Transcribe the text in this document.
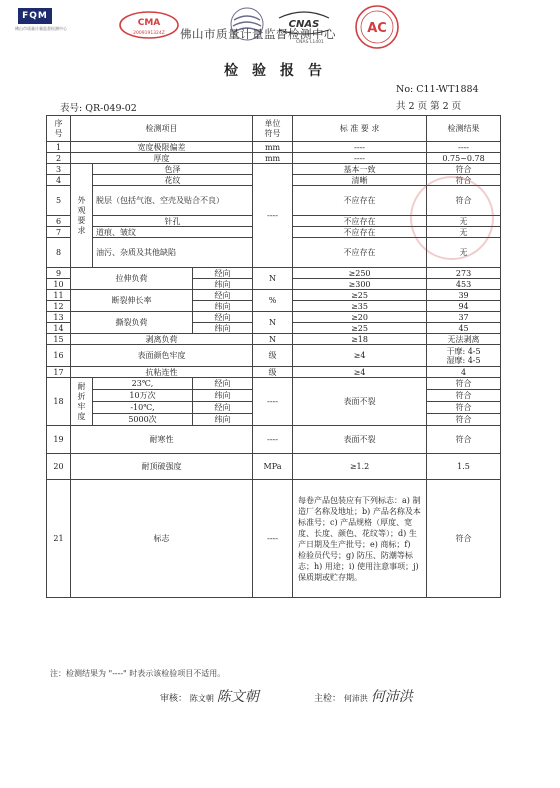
FQM
佛山市质量计量监督检测中心
CMA
2009191324Z
CNAS	AC
佛山市质量计量监督检测中心
CNAS L1401
检验报告
No: C11-WT1884
表号: QR-049-02	共 2 页 第 2 页
序号	检测项目			单位符号	标 准 要 求	检测结果
1	宽度极限偏差			mm	----	----
2	厚度			mm	----	0.75~0.78
3	外观要求	色泽		----	基本一致	符合
4		花纹			清晰	符合
5		脱层（包括气泡、空壳及贴合不良）			不应存在	符合
6		针孔			不应存在	无
7		道痕、皱纹			不应存在	无
8		油污、杂质及其他缺陷			不应存在	无
9	拉伸负荷		经向	N	≥250	273
10			纬向		≥300	453
11	断裂伸长率		经向	%	≥25	39
12			纬向		≥35	94
13	撕裂负荷		经向	N	≥20	37
14			纬向		≥25	45
15	剥离负荷			N	≥18	无法剥离
16	表面颜色牢度			级	≥4	干摩: 4-5
湿摩: 4-5

17	抗粘连性			级	≥4	4
18	耐折牢度	23℃,	经向	----	表面不裂	符合
		10万次	纬向			符合
		-10℃,	经向			符合
		5000次	纬向			符合
19	耐寒性			----	表面不裂	符合
20	耐顶破强度			MPa	≥1.2	1.5
21	标志			----	每卷产品包装应有下列标志：a) 制造厂名称及地址；b) 产品名称及本标准号；c) 产品规格（厚度、宽度、长度、颜色、花纹等）；d) 生产日期及生产批号；e) 商标；f) 检验员代号；g) 防压、防潮等标志；h) 用途；i) 使用注意事项；j) 保质期或贮存期。	符合
注：检测结果为 "----" 时表示该检验项目不适用。
审核： 陈文朝 陈文朝	主检： 何沛洪 何沛洪
